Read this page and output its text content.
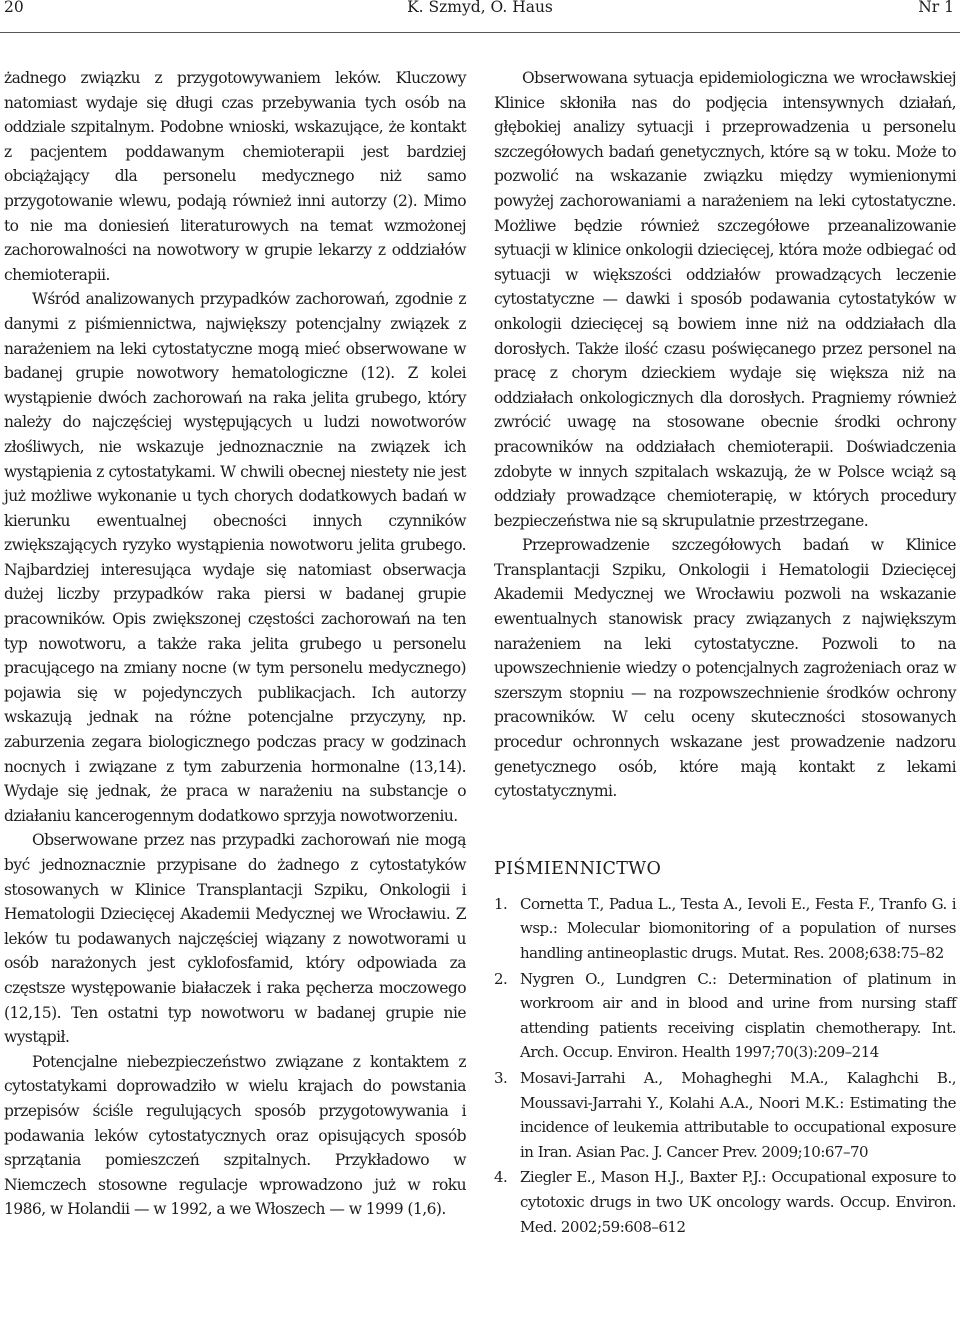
20	K. Szmyd, O. Haus	Nr 1

żadnego związku z przygotowywaniem leków. Kluczowy natomiast wydaje się długi czas przebywania tych osób na oddziale szpitalnym. Podobne wnioski, wskazujące, że kontakt z pacjentem poddawanym chemioterapii jest bardziej obciążający dla personelu medycznego niż samo przygotowanie wlewu, podają również inni autorzy (2). Mimo to nie ma doniesień literaturowych na temat wzmożonej zachorowalności na nowotwory w grupie lekarzy z oddziałów chemioterapii.

Wśród analizowanych przypadków zachorowań, zgodnie z danymi z piśmiennictwa, największy potencjalny związek z narażeniem na leki cytostatyczne mogą mieć obserwowane w badanej grupie nowotwory hematologiczne (12). Z kolei wystąpienie dwóch zachorowań na raka jelita grubego, który należy do najczęściej występujących u ludzi nowotworów złośliwych, nie wskazuje jednoznacznie na związek ich wystąpienia z cytostatykami. W chwili obecnej niestety nie jest już możliwe wykonanie u tych chorych dodatkowych badań w kierunku ewentualnej obecności innych czynników zwiększających ryzyko wystąpienia nowotworu jelita grubego. Najbardziej interesująca wydaje się natomiast obserwacja dużej liczby przypadków raka piersi w badanej grupie pracowników. Opis zwiększonej częstości zachorowań na ten typ nowotworu, a także raka jelita grubego u personelu pracującego na zmiany nocne (w tym personelu medycznego) pojawia się w pojedynczych publikacjach. Ich autorzy wskazują jednak na różne potencjalne przyczyny, np. zaburzenia zegara biologicznego podczas pracy w godzinach nocnych i związane z tym zaburzenia hormonalne (13,14). Wydaje się jednak, że praca w narażeniu na substancje o działaniu kancerogennym dodatkowo sprzyja nowotworzeniu.

Obserwowane przez nas przypadki zachorowań nie mogą być jednoznacznie przypisane do żadnego z cytostatyków stosowanych w Klinice Transplantacji Szpiku, Onkologii i Hematologii Dziecięcej Akademii Medycznej we Wrocławiu. Z leków tu podawanych najczęściej wiązany z nowotworami u osób narażonych jest cyklofosfamid, który odpowiada za częstsze występowanie białaczek i raka pęcherza moczowego (12,15). Ten ostatni typ nowotworu w badanej grupie nie wystąpił.

Potencjalne niebezpieczeństwo związane z kontaktem z cytostatykami doprowadziło w wielu krajach do powstania przepisów ściśle regulujących sposób przygotowywania i podawania leków cytostatycznych oraz opisujących sposób sprzątania pomieszczeń szpitalnych. Przykładowo w Niemczech stosowne regulacje wprowadzono już w roku 1986, w Holandii — w 1992, a we Włoszech — w 1999 (1,6).

Obserwowana sytuacja epidemiologiczna we wrocławskiej Klinice skłoniła nas do podjęcia intensywnych działań, głębokiej analizy sytuacji i przeprowadzenia u personelu szczegółowych badań genetycznych, które są w toku. Może to pozwolić na wskazanie związku między wymienionymi powyżej zachorowaniami a narażeniem na leki cytostatyczne. Możliwe będzie również szczegółowe przeanalizowanie sytuacji w klinice onkologii dziecięcej, która może odbiegać od sytuacji w większości oddziałów prowadzących leczenie cytostatyczne — dawki i sposób podawania cytostatyków w onkologii dziecięcej są bowiem inne niż na oddziałach dla dorosłych. Także ilość czasu poświęcanego przez personel na pracę z chorym dzieckiem wydaje się większa niż na oddziałach onkologicznych dla dorosłych. Pragniemy również zwrócić uwagę na stosowane obecnie środki ochrony pracowników na oddziałach chemioterapii. Doświadczenia zdobyte w innych szpitalach wskazują, że w Polsce wciąż są oddziały prowadzące chemioterapię, w których procedury bezpieczeństwa nie są skrupulatnie przestrzegane.

Przeprowadzenie szczegółowych badań w Klinice Transplantacji Szpiku, Onkologii i Hematologii Dziecięcej Akademii Medycznej we Wrocławiu pozwoli na wskazanie ewentualnych stanowisk pracy związanych z największym narażeniem na leki cytostatyczne. Pozwoli to na upowszechnienie wiedzy o potencjalnych zagrożeniach oraz w szerszym stopniu — na rozpowszechnienie środków ochrony pracowników. W celu oceny skuteczności stosowanych procedur ochronnych wskazane jest prowadzenie nadzoru genetycznego osób, które mają kontakt z lekami cytostatycznymi.

PIŚMIENNICTWO
1. Cornetta T., Padua L., Testa A., Ievoli E., Festa F., Tranfo G. i wsp.: Molecular biomonitoring of a population of nurses handling antineoplastic drugs. Mutat. Res. 2008;638:75–82
2. Nygren O., Lundgren C.: Determination of platinum in workroom air and in blood and urine from nursing staff attending patients receiving cisplatin chemotherapy. Int. Arch. Occup. Environ. Health 1997;70(3):209–214
3. Mosavi-Jarrahi A., Mohagheghi M.A., Kalaghchi B., Moussavi-Jarrahi Y., Kolahi A.A., Noori M.K.: Estimating the incidence of leukemia attributable to occupational exposure in Iran. Asian Pac. J. Cancer Prev. 2009;10:67–70
4. Ziegler E., Mason H.J., Baxter P.J.: Occupational exposure to cytotoxic drugs in two UK oncology wards. Occup. Environ. Med. 2002;59:608–612
